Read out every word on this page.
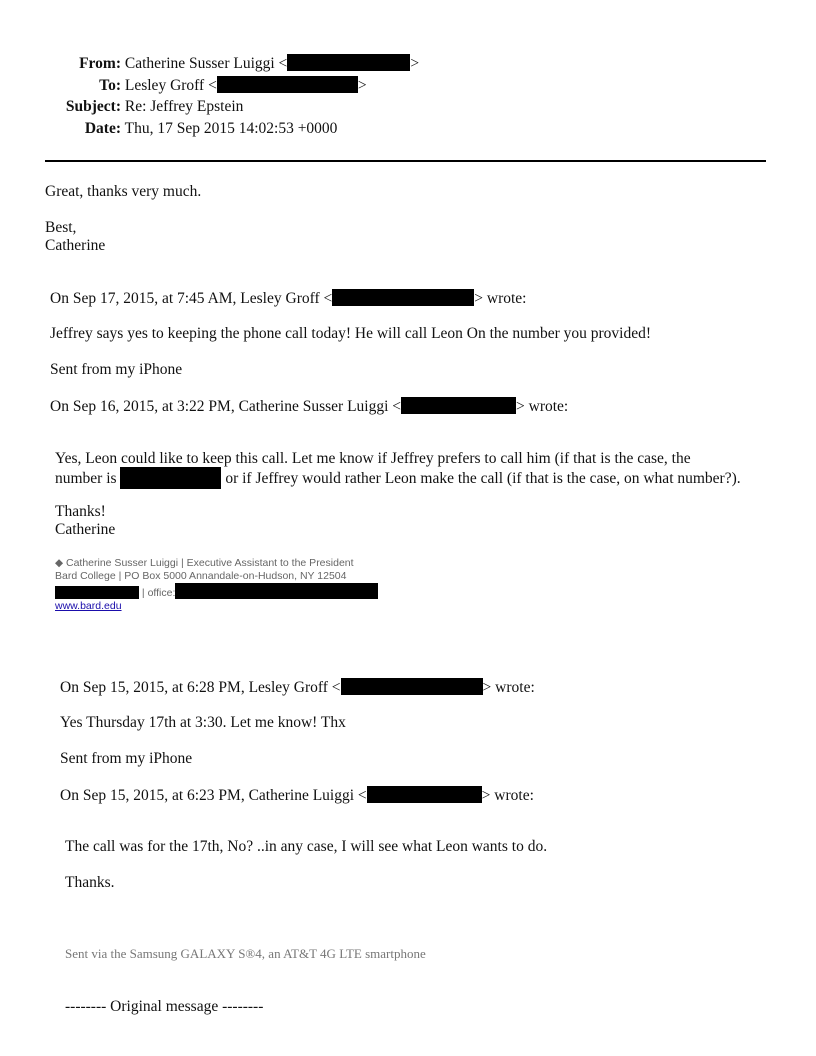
From: Catherine Susser Luiggi <	>
To: Lesley Groff <	>
Subject: Re: Jeffrey Epstein
Date: Thu, 17 Sep 2015 14:02:53 +0000
Great, thanks very much.
Best,
Catherine
On Sep 17, 2015, at 7:45 AM, Lesley Groff <	> wrote:
Jeffrey says yes to keeping the phone call today! He will call Leon On the number you provided!
Sent from my iPhone
On Sep 16, 2015, at 3:22 PM, Catherine Susser Luiggi <	> wrote:
Yes, Leon could like to keep this call. Let me know if Jeffrey prefers to call him (if that is the case, the
number is	or if Jeffrey would rather Leon make the call (if that is the case, on what number?).
Thanks!
Catherine
◆ Catherine Susser Luiggi | Executive Assistant to the President
Bard College | PO Box 5000 Annandale-on-Hudson, NY 12504
| office:
www.bard.edu
On Sep 15, 2015, at 6:28 PM, Lesley Groff <	> wrote:
Yes Thursday 17th at 3:30. Let me know! Thx
Sent from my iPhone
On Sep 15, 2015, at 6:23 PM, Catherine Luiggi <	> wrote:
The call was for the 17th, No? ..in any case, I will see what Leon wants to do.
Thanks.
Sent via the Samsung GALAXY S®4, an AT&T 4G LTE smartphone
-------- Original message --------
